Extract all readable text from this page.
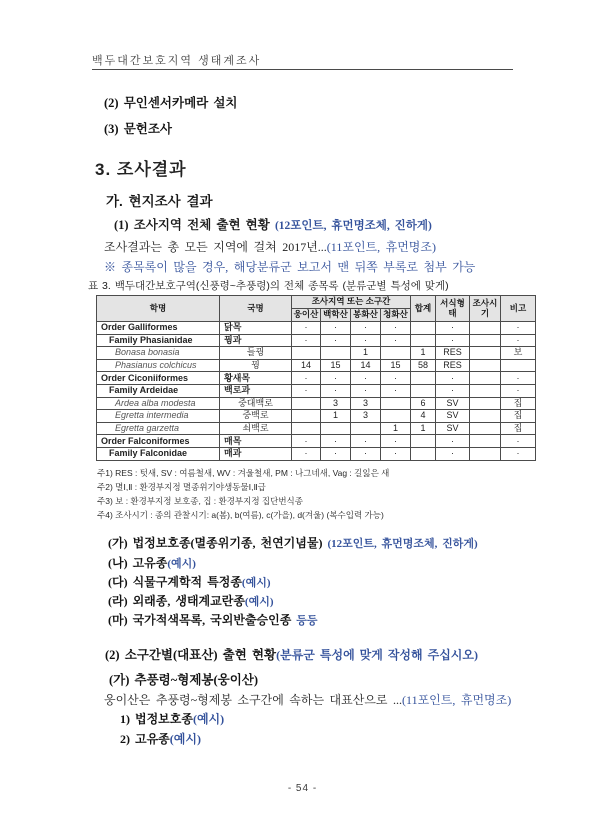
백두대간보호지역 생태계조사
(2) 무인센서카메라 설치
(3) 문헌조사
3. 조사결과
가. 현지조사 결과
(1) 조사지역 전체 출현 현황 (12포인트, 휴먼명조체, 진하게)
조사결과는 총 모든 지역에 걸쳐 2017년...(11포인트, 휴먼명조)
※ 종목록이 많을 경우, 해당분류군 보고서 맨 뒤쪽 부록로 첨부 가능
표 3. 백두대간보호구역(신풍령~추풍령)의 전체 종목록 (분류군별 특성에 맞게)
학명	국명	조사지역 또는 소구간				합계	서식형태	조사시기	비고
		웅이산	백학산	봉화산	청화산				
Order Galliformes	닭목	·	·	·	·		·		·
Family Phasianidae	꿩과	·	·	·	·		·		·
Bonasa bonasia	들꿩			1		1	RES		보
Phasianus colchicus	꿩	14	15	14	15	58	RES		
Order Ciconiiformes	황새목	·	·	·	·		·		·
Family Ardeidae	백로과	·	·	·	·		·		·
Ardea alba modesta	중대백로		3	3		6	SV		집
Egretta intermedia	중백로		1	3		4	SV		집
Egretta garzetta	쇠백로				1	1	SV		집
Order Falconiformes	매목	·	·	·	·		·		·
Family Falconidae	매과	·	·	·	·		·		·
주1) RES : 텃새, SV : 여름철새, WV : 겨울철새, PM : 나그네새, Vag : 길잃은 새
주2) 멸Ⅰ,Ⅱ : 환경부지정 멸종위기야생동물Ⅰ,Ⅱ급
주3) 보 : 환경부지정 보호종, 집 : 환경부지정 집단번식종
주4) 조사시기 : 종의 관찰시기: a(봄), b(여름), c(가을), d(겨울) (복수입력 가능)
(가) 법정보호종(멸종위기종, 천연기념물) (12포인트, 휴먼명조체, 진하게)
(나) 고유종(예시)
(다) 식물구계학적 특정종(예시)
(라) 외래종, 생태계교란종(예시)
(마) 국가적색목록, 국외반출승인종 등등
(2) 소구간별(대표산) 출현 현황(분류군 특성에 맞게 작성해 주십시오)
(가) 추풍령~형제봉(웅이산)
웅이산은 추풍령~형제봉 소구간에 속하는 대표산으로 ...(11포인트, 휴먼명조)
1) 법정보호종(예시)
2) 고유종(예시)
- 54 -
